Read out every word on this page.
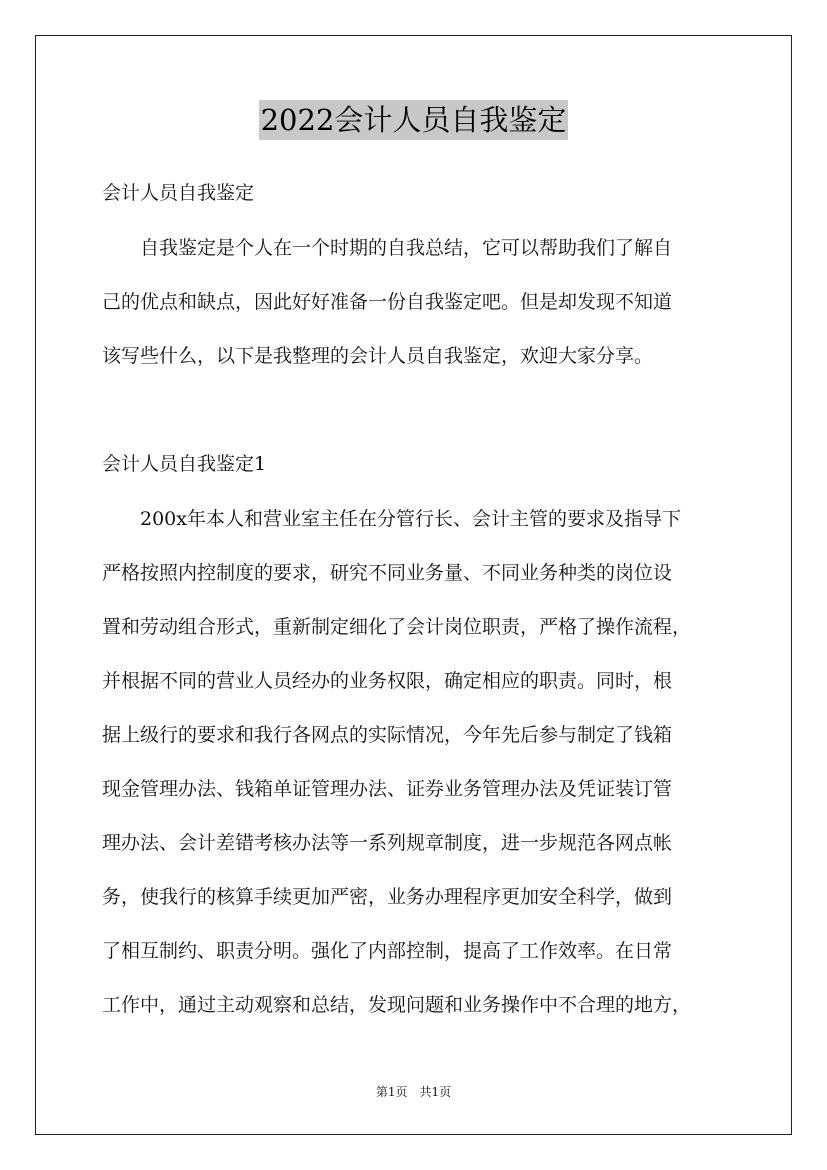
2022会计人员自我鉴定
会计人员自我鉴定
　　自我鉴定是个人在一个时期的自我总结，它可以帮助我们了解自
己的优点和缺点，因此好好准备一份自我鉴定吧。但是却发现不知道
该写些什么，以下是我整理的会计人员自我鉴定，欢迎大家分享。
会计人员自我鉴定1
　　200x年本人和营业室主任在分管行长、会计主管的要求及指导下
严格按照内控制度的要求，研究不同业务量、不同业务种类的岗位设
置和劳动组合形式，重新制定细化了会计岗位职责，严格了操作流程，
并根据不同的营业人员经办的业务权限，确定相应的职责。同时，根
据上级行的要求和我行各网点的实际情况，今年先后参与制定了钱箱
现金管理办法、钱箱单证管理办法、证券业务管理办法及凭证装订管
理办法、会计差错考核办法等一系列规章制度，进一步规范各网点帐
务，使我行的核算手续更加严密，业务办理程序更加安全科学，做到
了相互制约、职责分明。强化了内部控制，提高了工作效率。在日常
工作中，通过主动观察和总结，发现问题和业务操作中不合理的地方，
第1页　共1页
